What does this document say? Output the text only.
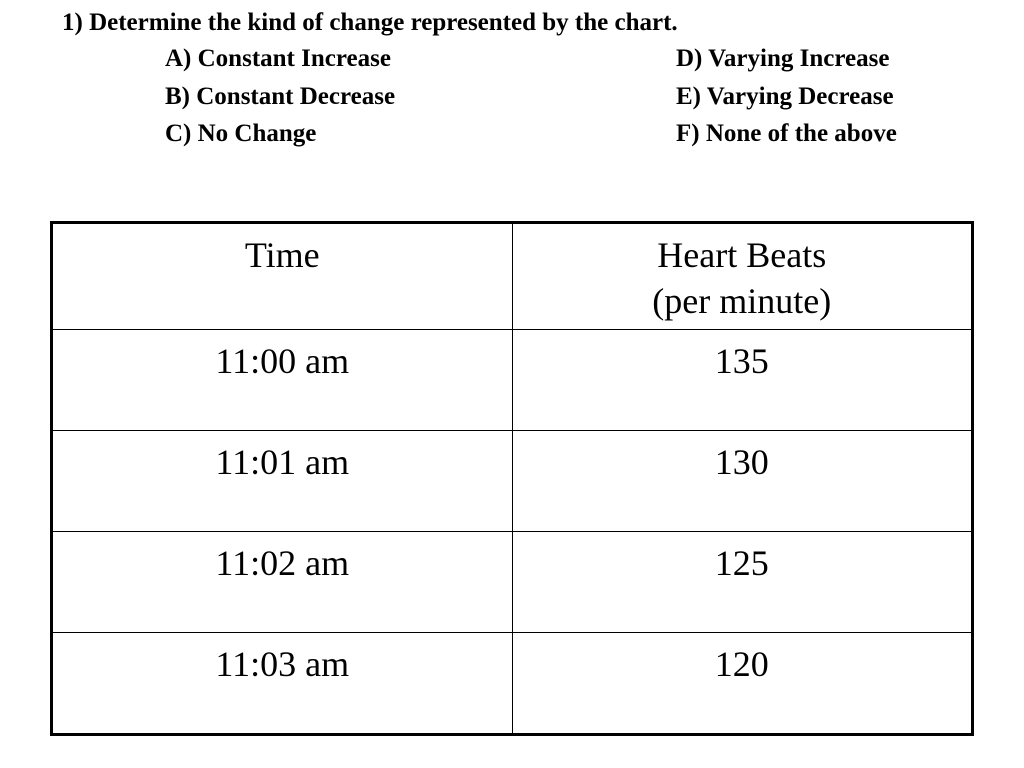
1) Determine the kind of change represented by the chart.
A) Constant Increase
B) Constant Decrease
C) No Change
D) Varying Increase
E) Varying Decrease
F) None of the above
Time	Heart Beats
(per minute)

11:00 am	135
11:01 am	130
11:02 am	125
11:03 am	120
